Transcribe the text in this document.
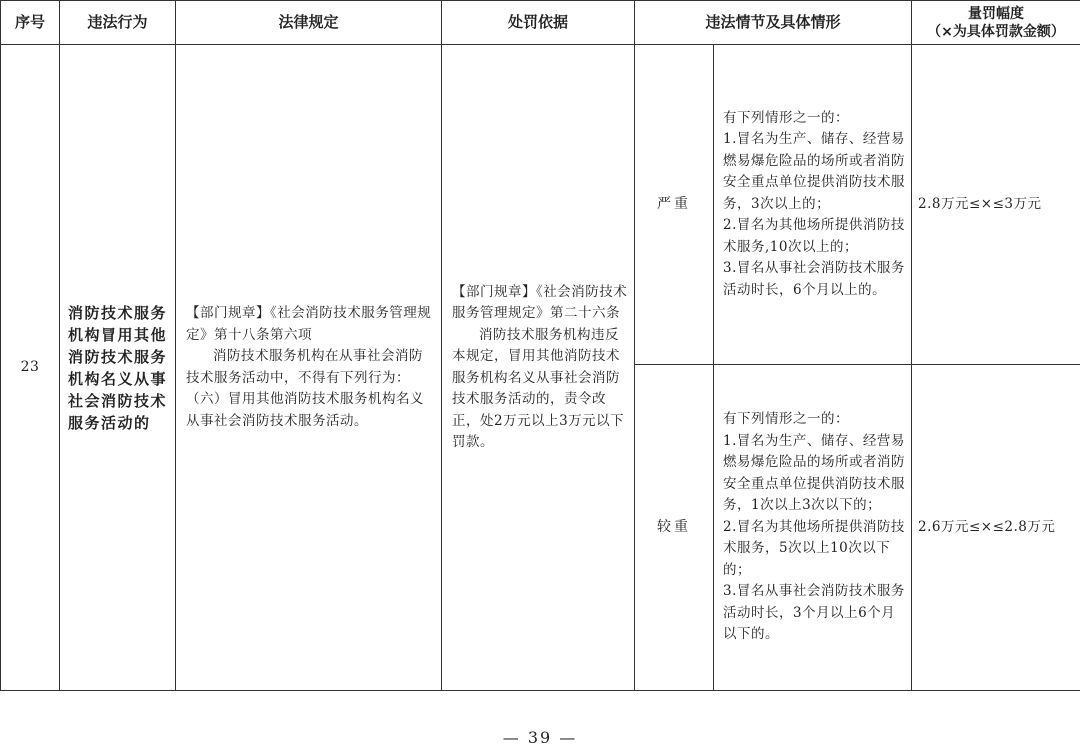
序号	违法行为	法律规定	处罚依据	违法情节及具体情形		量罚幅度
（×为具体罚款金额）

23	消防技术服务机构冒用其他消防技术服务机构名义从事社会消防技术服务活动的	【部门规章】《社会消防技术服务管理规定》第十八条第六项
消防技术服务机构在从事社会消防技术服务活动中，不得有下列行为：（六）冒用其他消防技术服务机构名义从事社会消防技术服务活动。	【部门规章】《社会消防技术服务管理规定》第二十六条
消防技术服务机构违反本规定，冒用其他消防技术服务机构名义从事社会消防技术服务活动的，责令改正，处2万元以上3万元以下罚款。	严重	有下列情形之一的：
1.冒名为生产、储存、经营易燃易爆危险品的场所或者消防安全重点单位提供消防技术服务，3次以上的；
2.冒名为其他场所提供消防技术服务,10次以上的；
3.冒名从事社会消防技术服务活动时长，6个月以上的。	2.8万元≤×≤3万元
				较重	有下列情形之一的：
1.冒名为生产、储存、经营易燃易爆危险品的场所或者消防安全重点单位提供消防技术服务，1次以上3次以下的；
2.冒名为其他场所提供消防技术服务，5次以上10次以下的；
3.冒名从事社会消防技术服务活动时长，3个月以上6个月以下的。	2.6万元≤×≤2.8万元
— 39 —
